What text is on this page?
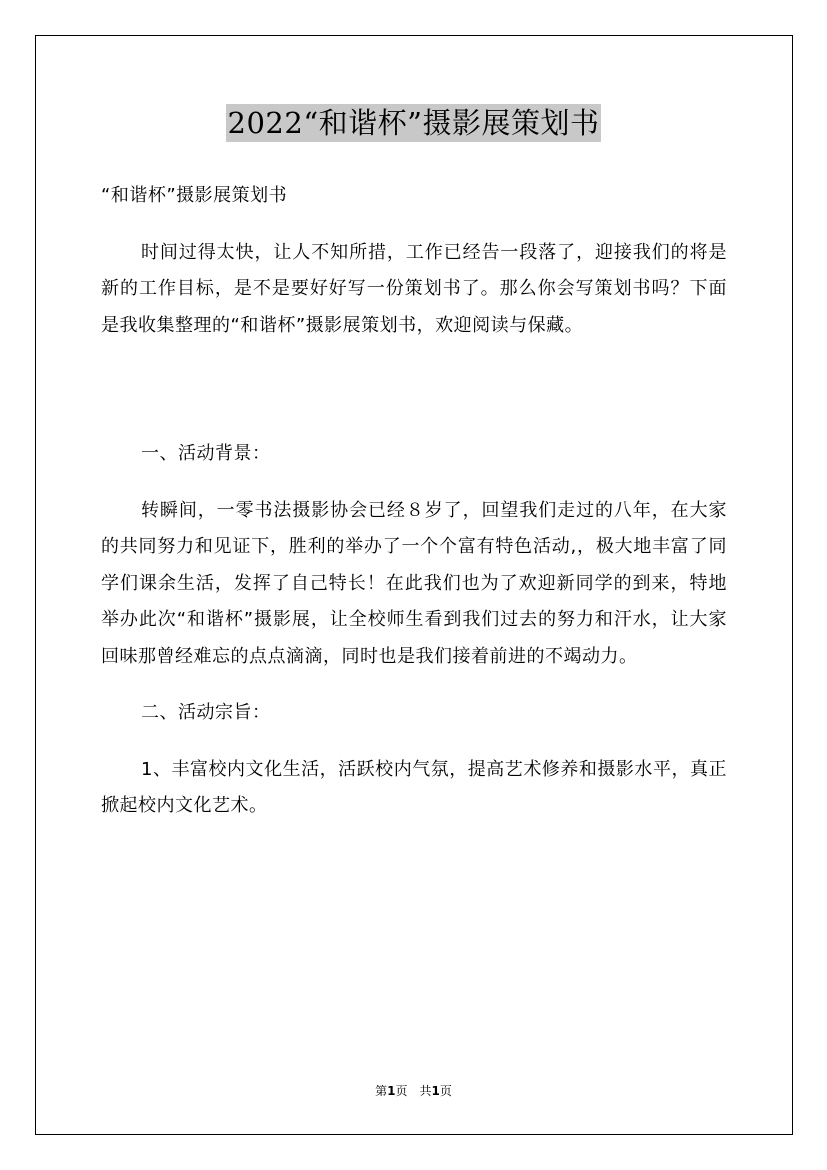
2022“和谐杯”摄影展策划书

“和谐杯”摄影展策划书

时间过得太快，让人不知所措，工作已经告一段落了，迎接我们的将是新的工作目标，是不是要好好写一份策划书了。那么你会写策划书吗？下面是我收集整理的“和谐杯”摄影展策划书，欢迎阅读与保藏。

一、活动背景：

转瞬间，一零书法摄影协会已经８岁了，回望我们走过的八年，在大家的共同努力和见证下，胜利的举办了一个个富有特色活动,，极大地丰富了同学们课余生活，发挥了自己特长！在此我们也为了欢迎新同学的到来，特地举办此次“和谐杯”摄影展，让全校师生看到我们过去的努力和汗水，让大家回味那曾经难忘的点点滴滴，同时也是我们接着前进的不竭动力。

二、活动宗旨：

1、丰富校内文化生活，活跃校内气氛，提高艺术修养和摄影水平，真正掀起校内文化艺术。

第1页　共1页
